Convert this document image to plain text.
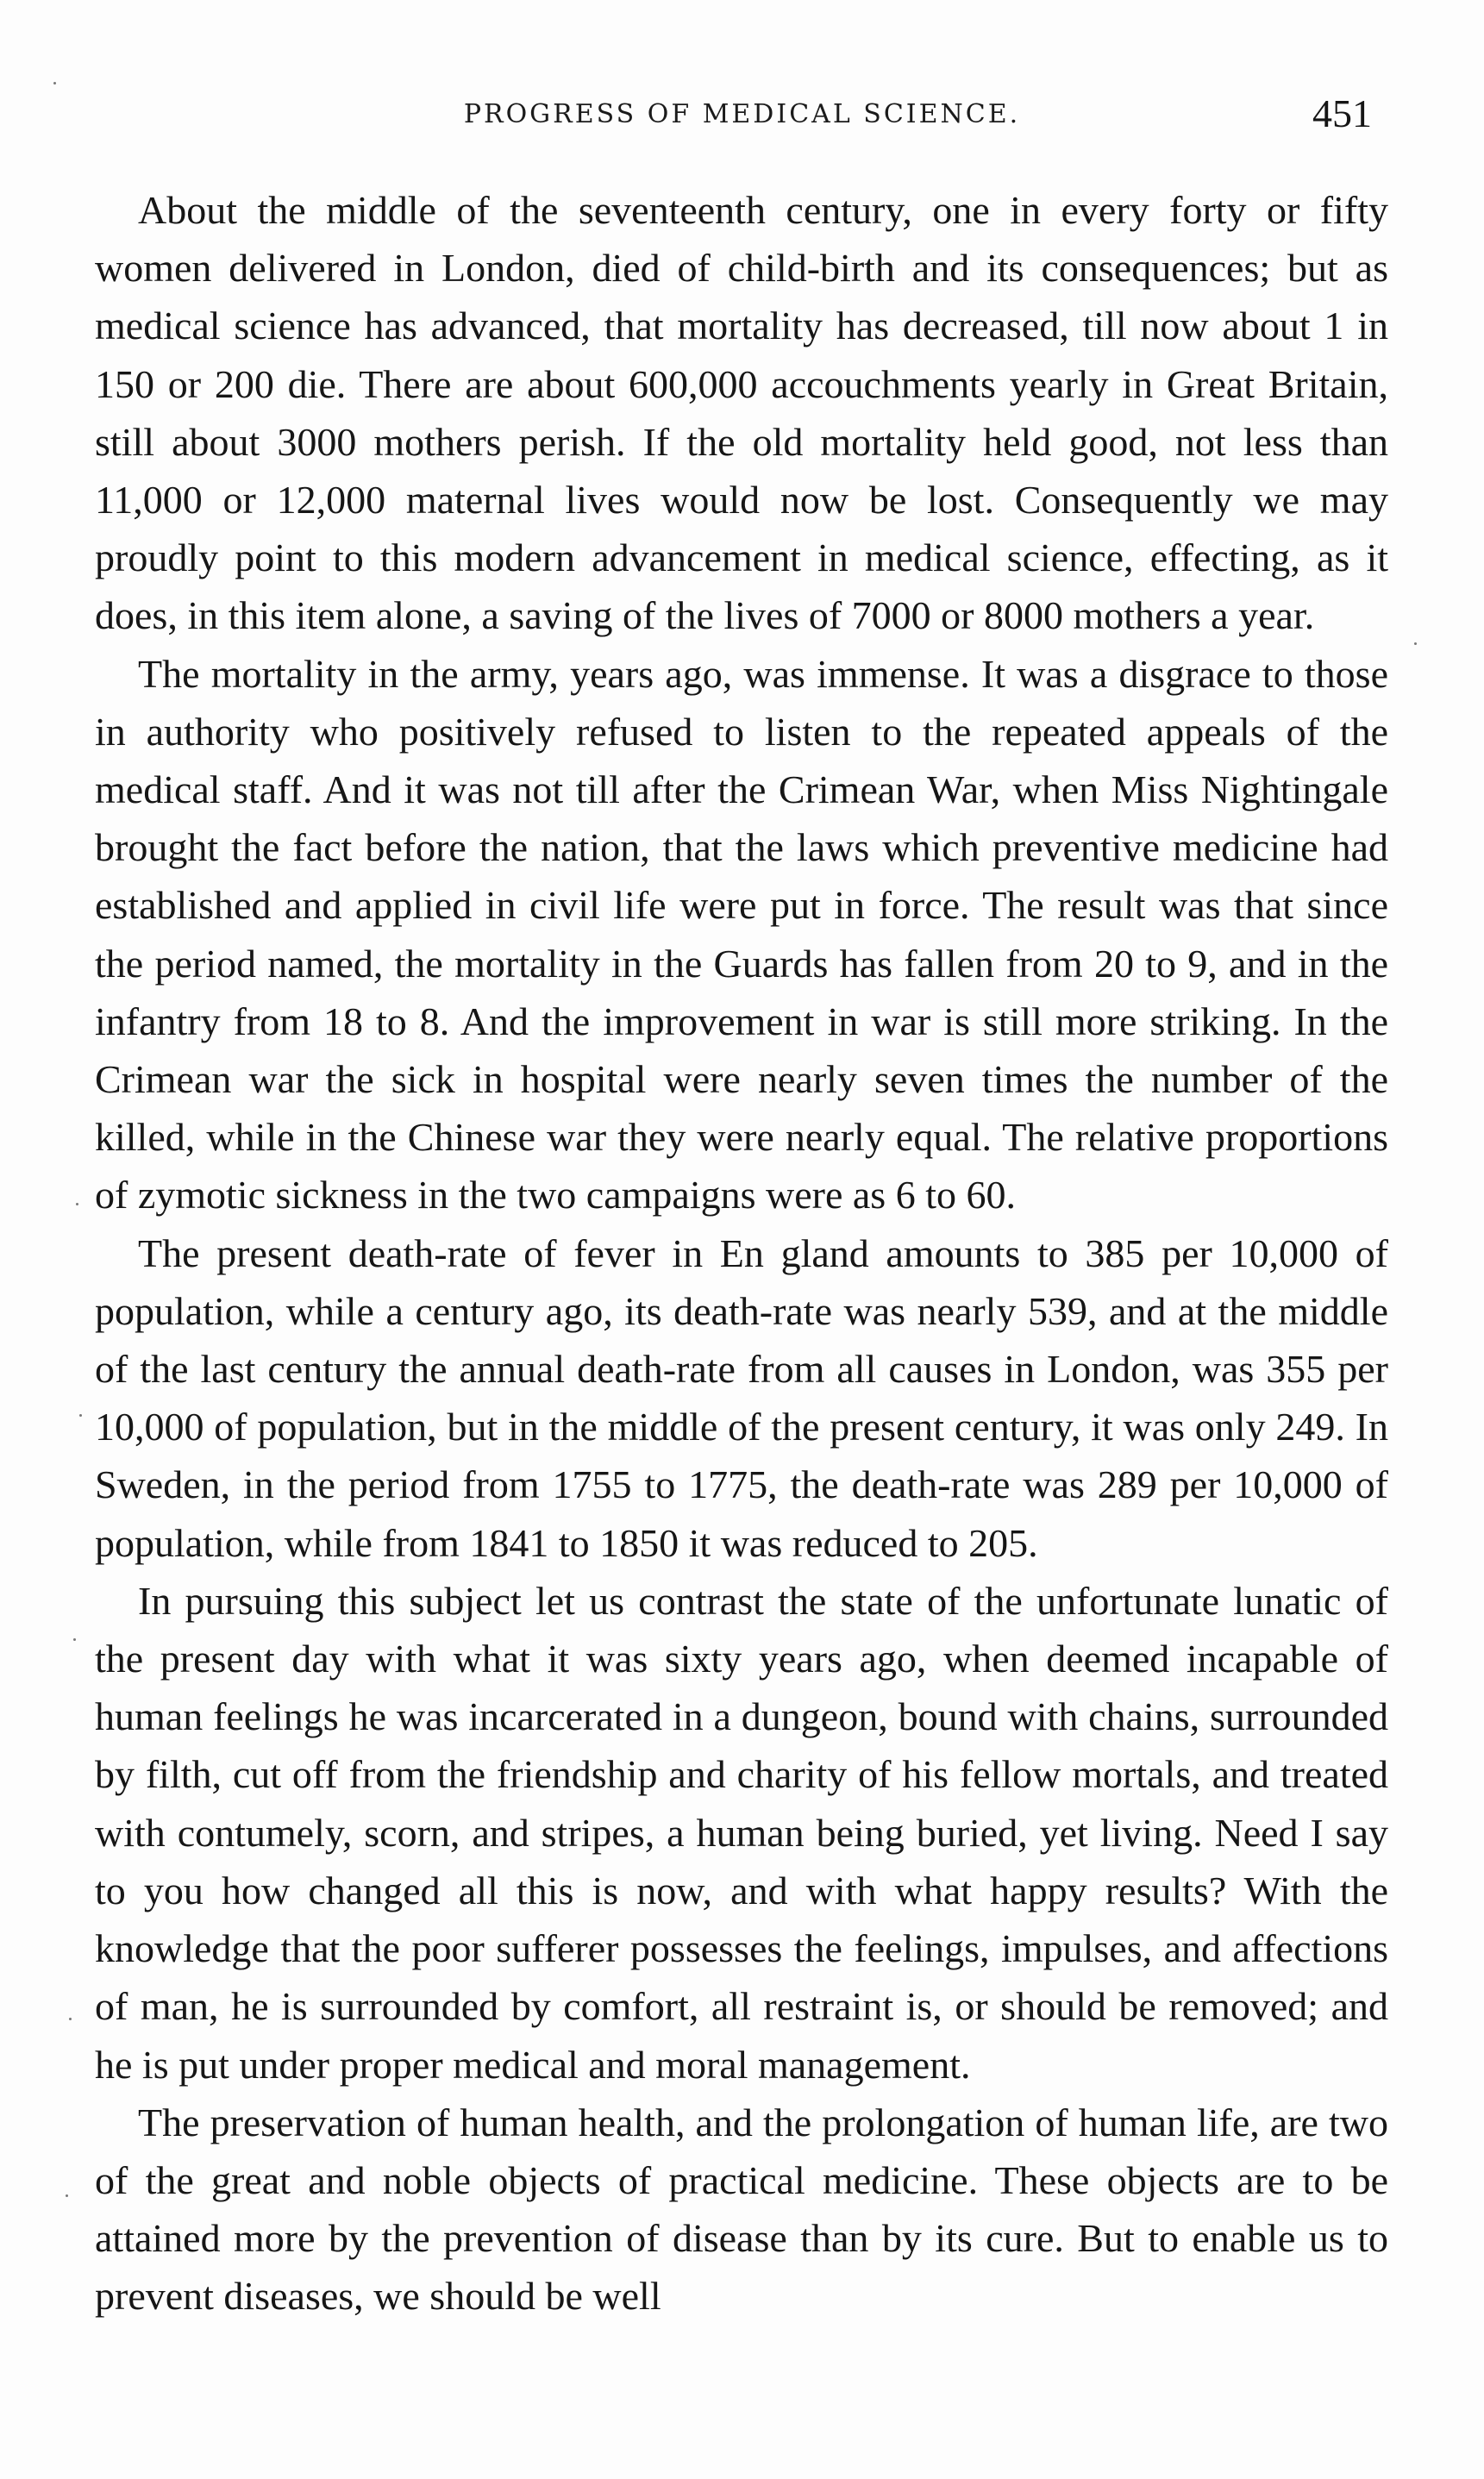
PROGRESS OF MEDICAL SCIENCE.	451

About the middle of the seventeenth century, one in every forty or fifty women delivered in London, died of child-birth and its consequences; but as medical science has advanced, that mortality has decreased, till now about 1 in 150 or 200 die. There are about 600,000 accouchments yearly in Great Britain, still about 3000 mothers perish. If the old mortality held good, not less than 11,000 or 12,000 maternal lives would now be lost. Consequently we may proudly point to this modern advancement in medical science, effecting, as it does, in this item alone, a saving of the lives of 7000 or 8000 mothers a year.

The mortality in the army, years ago, was immense. It was a disgrace to those in authority who positively refused to listen to the repeated appeals of the medical staff. And it was not till after the Crimean War, when Miss Nightingale brought the fact before the nation, that the laws which preventive medicine had established and applied in civil life were put in force. The result was that since the period named, the mortality in the Guards has fallen from 20 to 9, and in the infantry from 18 to 8. And the improvement in war is still more striking. In the Crimean war the sick in hospital were nearly seven times the number of the killed, while in the Chinese war they were nearly equal. The relative proportions of zymotic sickness in the two campaigns were as 6 to 60.

The present death-rate of fever in En gland amounts to 385 per 10,000 of population, while a century ago, its death-rate was nearly 539, and at the middle of the last century the annual death-rate from all causes in London, was 355 per 10,000 of population, but in the middle of the present century, it was only 249. In Sweden, in the period from 1755 to 1775, the death-rate was 289 per 10,000 of population, while from 1841 to 1850 it was reduced to 205.

In pursuing this subject let us contrast the state of the unfortunate lunatic of the present day with what it was sixty years ago, when deemed incapable of human feelings he was incarcerated in a dungeon, bound with chains, surrounded by filth, cut off from the friendship and charity of his fellow mortals, and treated with contumely, scorn, and stripes, a human being buried, yet living. Need I say to you how changed all this is now, and with what happy results? With the knowledge that the poor sufferer possesses the feelings, impulses, and affections of man, he is surrounded by comfort, all restraint is, or should be removed; and he is put under proper medical and moral management.

The preservation of human health, and the prolongation of human life, are two of the great and noble objects of practical medicine. These objects are to be attained more by the prevention of disease than by its cure. But to enable us to prevent diseases, we should be well
